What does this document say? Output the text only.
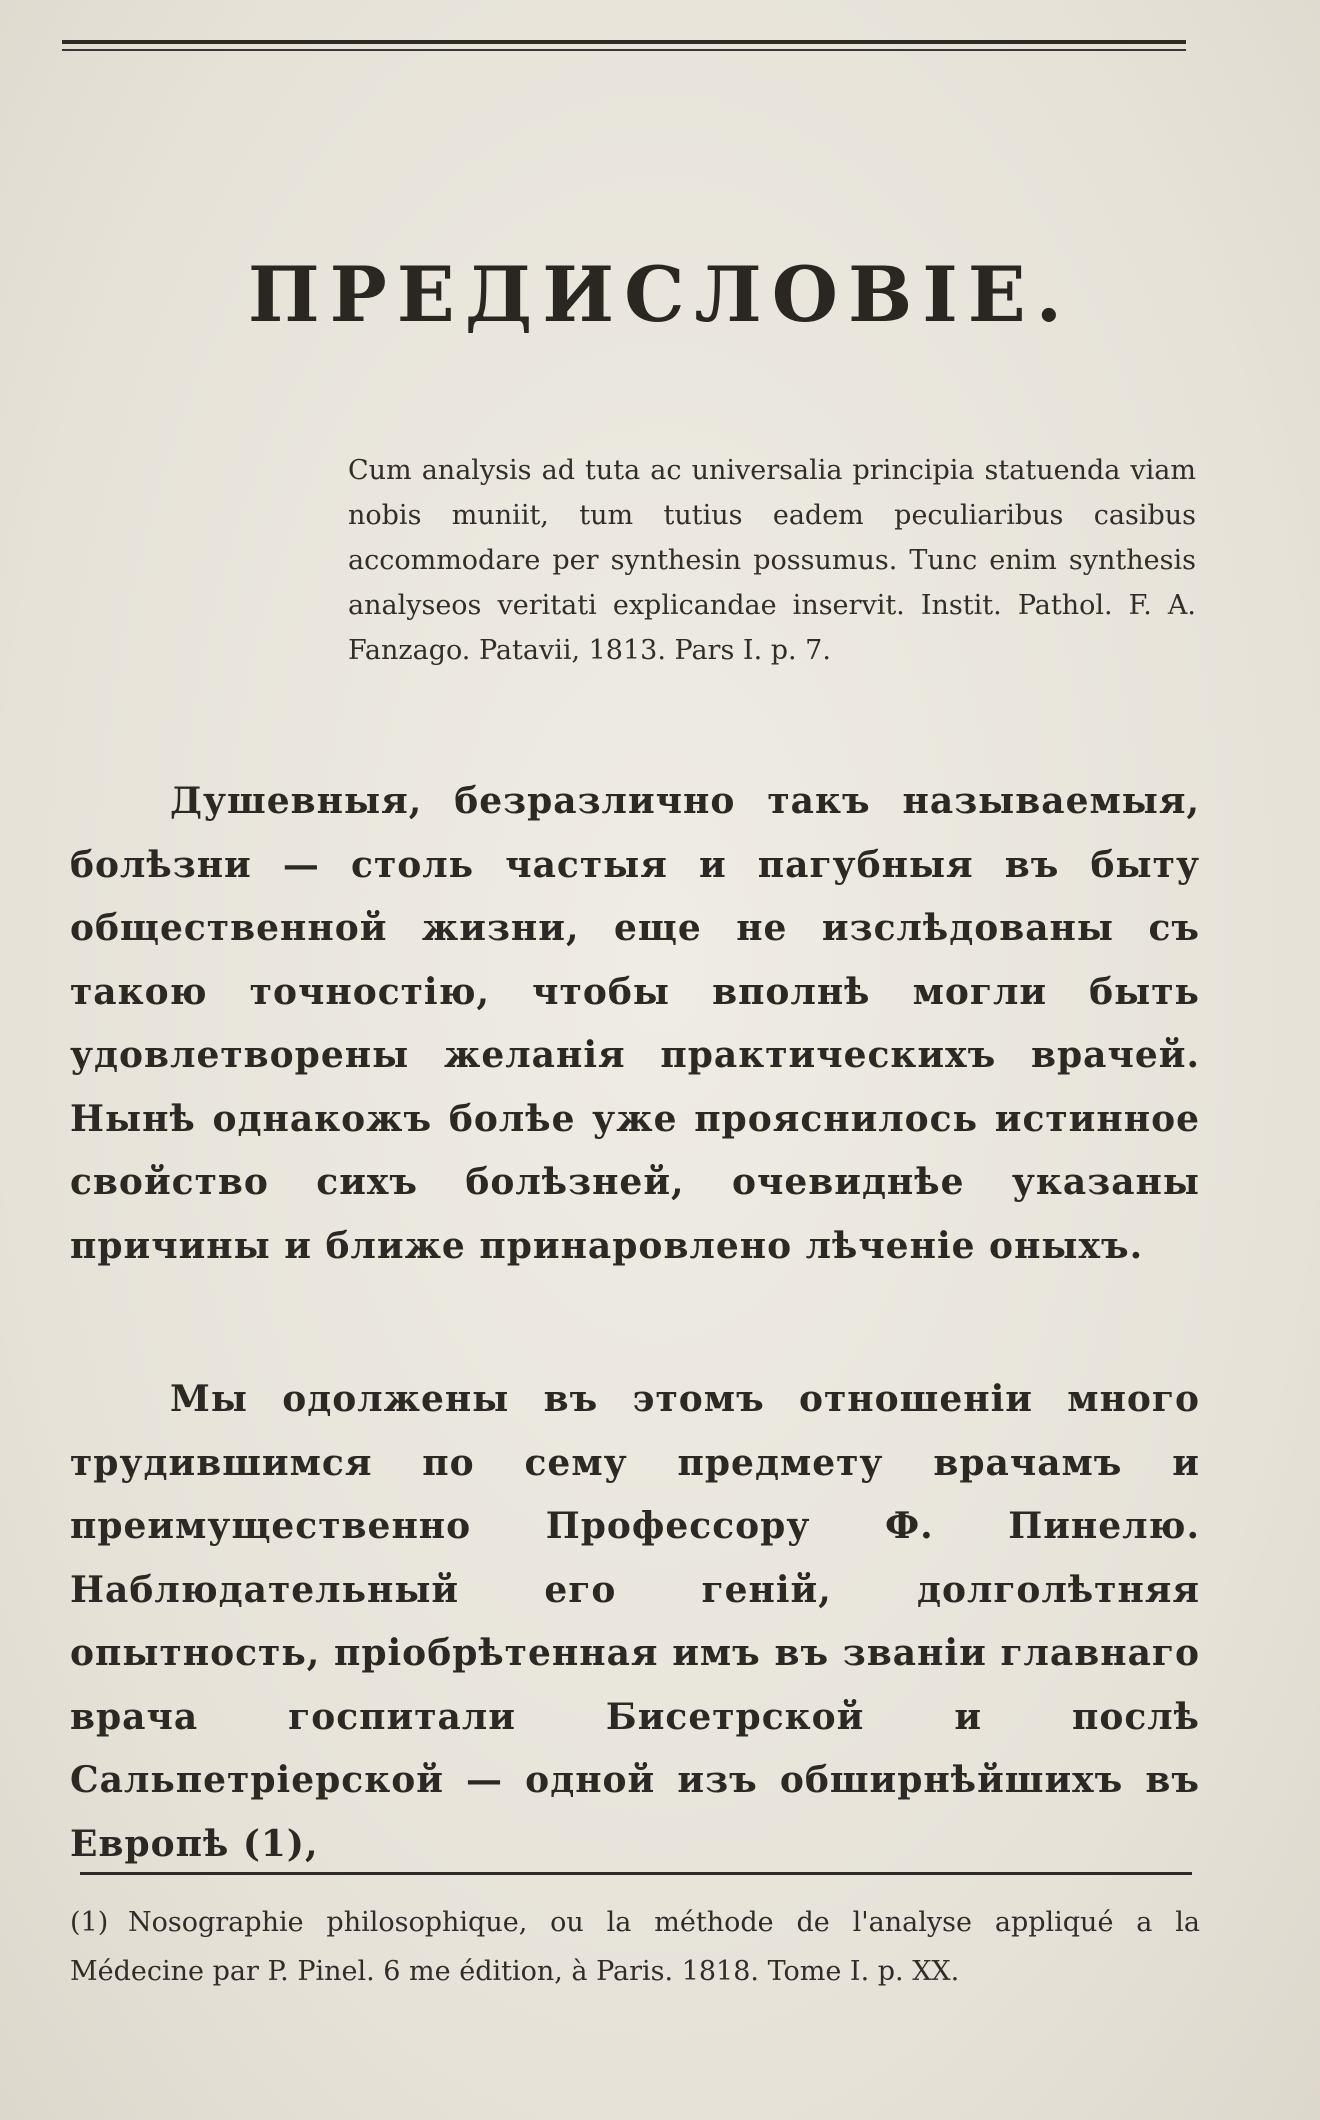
ПРЕДИСЛОВІЕ.
Cum analysis ad tuta ac universalia principia statuenda viam nobis muniit, tum tutius eadem peculiaribus casibus accommodare per synthesin possumus. Tunc enim synthesis analyseos veritati explicandae inservit. Instit. Pathol. F. A. Fanzago. Patavii, 1813. Pars I. p. 7.
Душевныя, безразлично такъ называемыя, болѣзни — столь частыя и пагубныя въ быту общественной жизни, еще не изслѣдованы съ такою точностію, чтобы вполнѣ могли быть удовлетворены желанія практическихъ врачей. Нынѣ однакожъ болѣе уже прояснилось истинное свойство сихъ болѣзней, очевиднѣе указаны причины и ближе принаровлено лѣченіе оныхъ.
Мы одолжены въ этомъ отношеніи много трудившимся по сему предмету врачамъ и преимущественно Профессору Ф. Пинелю. Наблюдательный его геній, долголѣтняя опытность, пріобрѣтенная имъ въ званіи главнаго врача госпитали Бисетрской и послѣ Сальпетріерской — одной изъ обширнѣйшихъ въ Европѣ (1),
(1) Nosographie philosophique, ou la méthode de l'analyse appliqué a la Médecine par P. Pinel. 6 me édition, à Paris. 1818. Tome I. p. XX.
